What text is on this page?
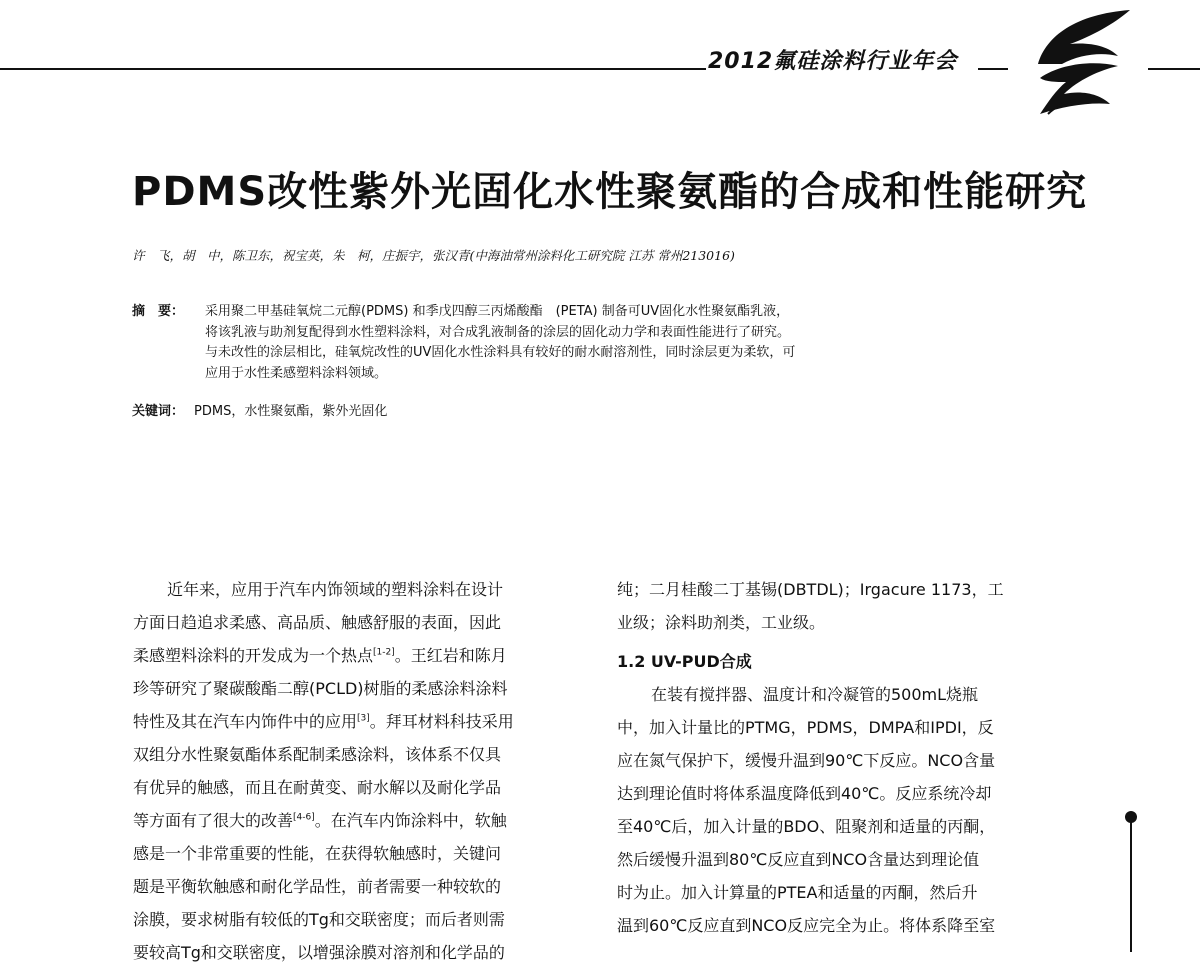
2012氟硅涂料行业年会
PDMS改性紫外光固化水性聚氨酯的合成和性能研究
许　飞，胡　中，陈卫东，祝宝英，朱　柯，庄振宇，张汉青(中海油常州涂料化工研究院 江苏 常州213016)
摘　要： 采用聚二甲基硅氧烷二元醇(PDMS) 和季戊四醇三丙烯酸酯　(PETA) 制备可UV固化水性聚氨酯乳液，
将该乳液与助剂复配得到水性塑料涂料，对合成乳液制备的涂层的固化动力学和表面性能进行了研究。
与未改性的涂层相比，硅氧烷改性的UV固化水性涂料具有较好的耐水耐溶剂性，同时涂层更为柔软，可
应用于水性柔感塑料涂料领域。
关键词： PDMS，水性聚氨酯，紫外光固化
近年来，应用于汽车内饰领域的塑料涂料在设计
方面日趋追求柔感、高品质、触感舒服的表面，因此
柔感塑料涂料的开发成为一个热点[1-2]。王红岩和陈月
珍等研究了聚碳酸酯二醇(PCLD)树脂的柔感涂料涂料
特性及其在汽车内饰件中的应用[3]。拜耳材料科技采用
双组分水性聚氨酯体系配制柔感涂料，该体系不仅具
有优异的触感，而且在耐黄变、耐水解以及耐化学品
等方面有了很大的改善[4-6]。在汽车内饰涂料中，软触
感是一个非常重要的性能，在获得软触感时，关键问
题是平衡软触感和耐化学品性，前者需要一种较软的
涂膜，要求树脂有较低的Tg和交联密度；而后者则需
要较高Tg和交联密度，以增强涂膜对溶剂和化学品的
纯；二月桂酸二丁基锡(DBTDL)；Irgacure 1173，工
业级；涂料助剂类，工业级。
1.2 UV-PUD合成
在装有搅拌器、温度计和冷凝管的500mL烧瓶
中，加入计量比的PTMG，PDMS，DMPA和IPDI，反
应在氮气保护下，缓慢升温到90℃下反应。NCO含量
达到理论值时将体系温度降低到40℃。反应系统冷却
至40℃后，加入计量的BDO、阻聚剂和适量的丙酮，
然后缓慢升温到80℃反应直到NCO含量达到理论值
时为止。加入计算量的PTEA和适量的丙酮，然后升
温到60℃反应直到NCO反应完全为止。将体系降至室
